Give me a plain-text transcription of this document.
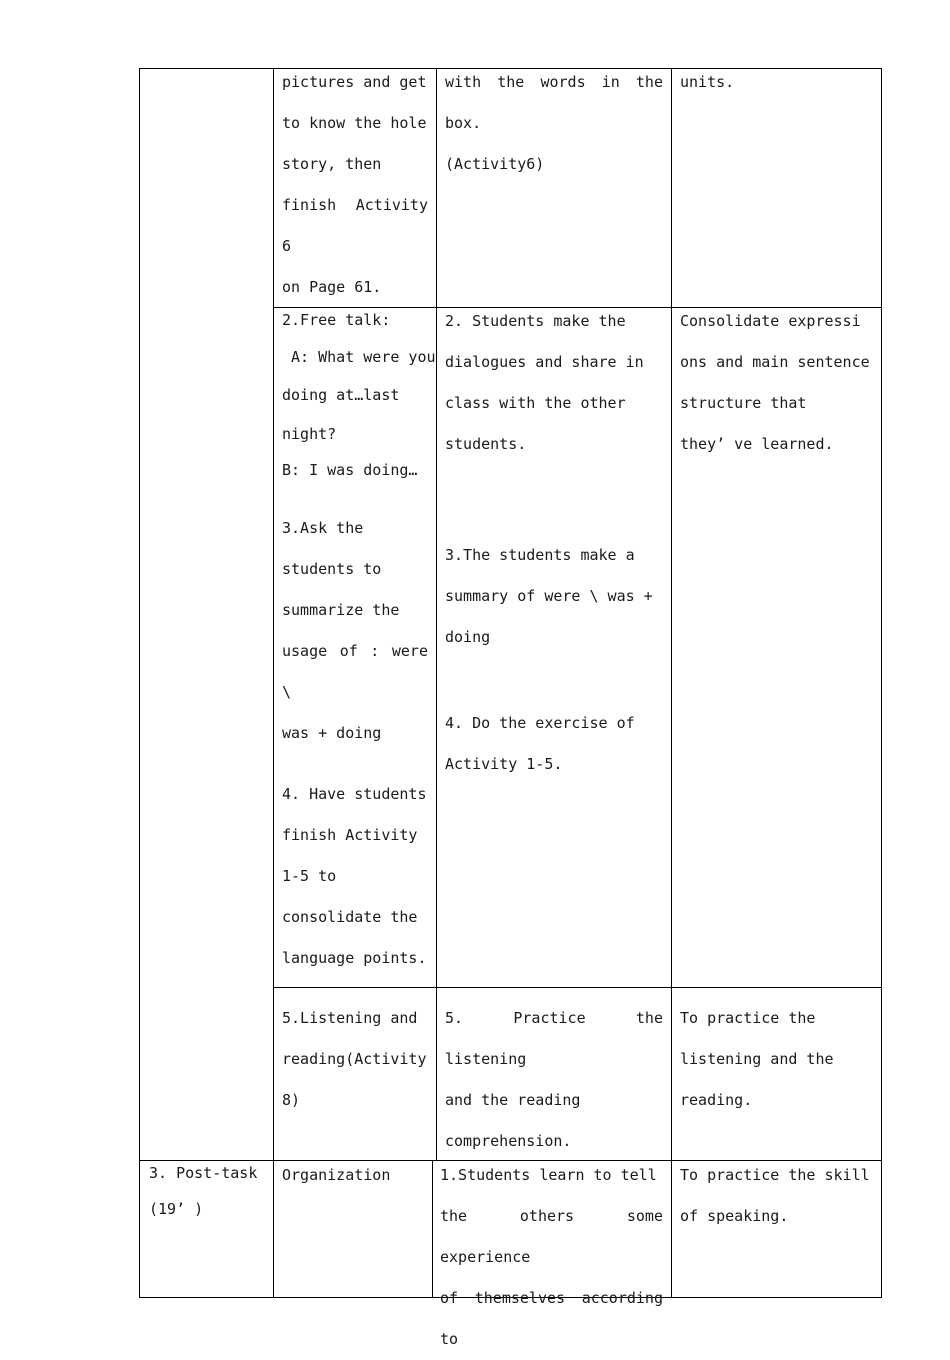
pictures and get

to know the hole

story, then

finish Activity 6

on Page 61.

with the words in the box.

(Activity6)

units.

2.Free talk:

A: What were you

doing at…last

night?

B: I was doing…

3.Ask the

students to

summarize the

usage of : were \

was + doing

4. Have students

finish Activity

1-5 to

consolidate the

language points.

2. Students make the

dialogues and share in

class with the other

students.

3.The students make a

summary of were \ was +

doing

4. Do the exercise of

Activity 1-5.

Consolidate expressi

ons and main sentence

structure that

they’ ve learned.

5.Listening and

reading(Activity

8)

5. Practice the listening

and the reading

comprehension.

To practice the

listening and the

reading.

3. Post-task

(19’ )

Organization	1.Students learn to tell

the others some experience

of themselves according to

To practice the skill

of speaking.
